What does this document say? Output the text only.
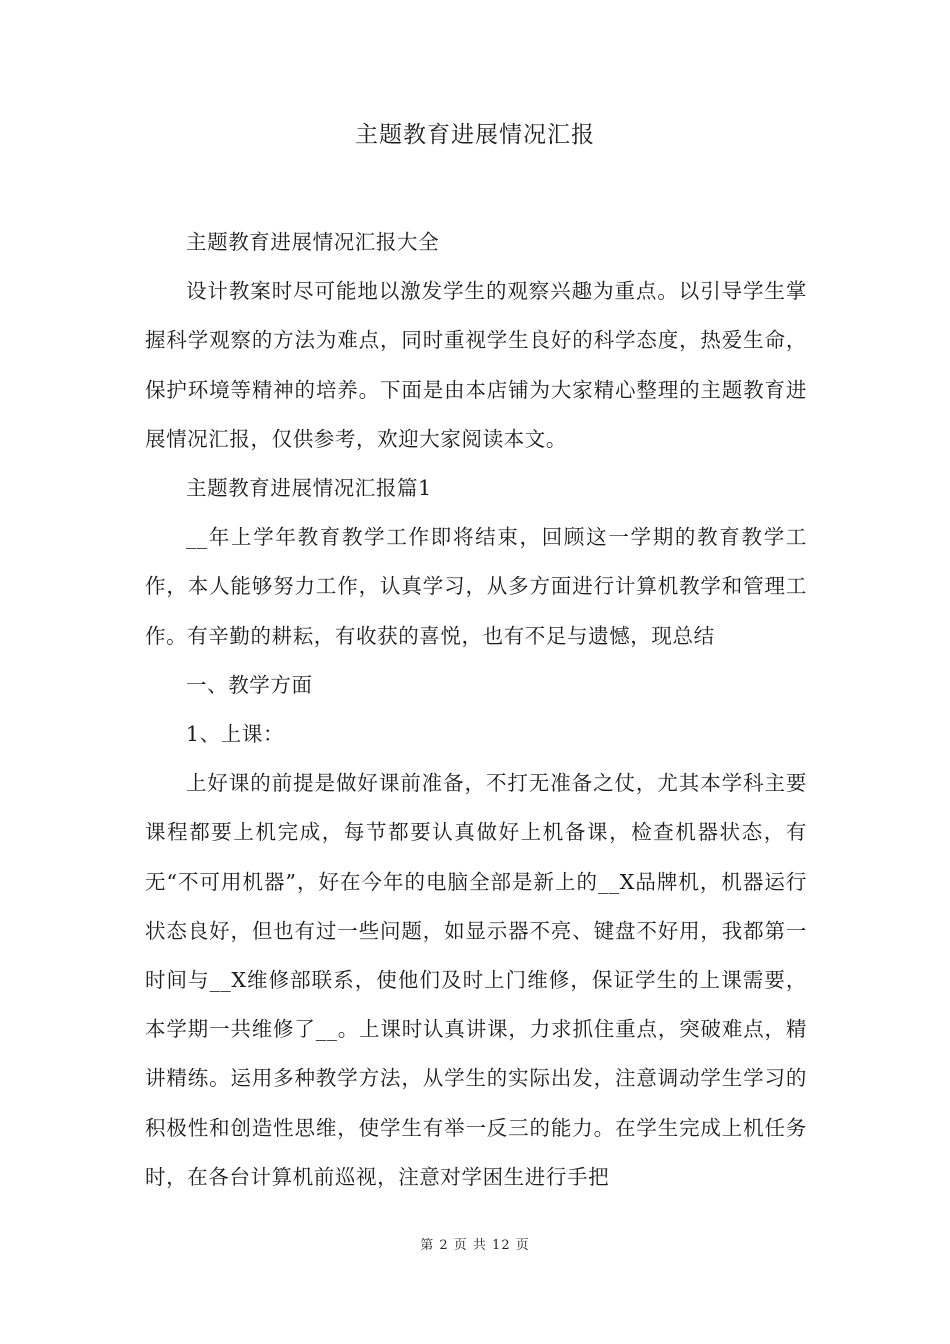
主题教育进展情况汇报

主题教育进展情况汇报大全

设计教案时尽可能地以激发学生的观察兴趣为重点。以引导学生掌握科学观察的方法为难点，同时重视学生良好的科学态度，热爱生命，保护环境等精神的培养。下面是由本店铺为大家精心整理的主题教育进展情况汇报，仅供参考，欢迎大家阅读本文。

主题教育进展情况汇报篇1

__年上学年教育教学工作即将结束，回顾这一学期的教育教学工作，本人能够努力工作，认真学习，从多方面进行计算机教学和管理工作。有辛勤的耕耘，有收获的喜悦，也有不足与遗憾，现总结

一、教学方面

1、上课：

上好课的前提是做好课前准备，不打无准备之仗，尤其本学科主要课程都要上机完成，每节都要认真做好上机备课，检查机器状态，有无“不可用机器”，好在今年的电脑全部是新上的__X品牌机，机器运行状态良好，但也有过一些问题，如显示器不亮、键盘不好用，我都第一时间与__X维修部联系，使他们及时上门维修，保证学生的上课需要，本学期一共维修了__。上课时认真讲课，力求抓住重点，突破难点，精讲精练。运用多种教学方法，从学生的实际出发，注意调动学生学习的积极性和创造性思维，使学生有举一反三的能力。在学生完成上机任务时，在各台计算机前巡视，注意对学困生进行手把

第 2 页 共 12 页
